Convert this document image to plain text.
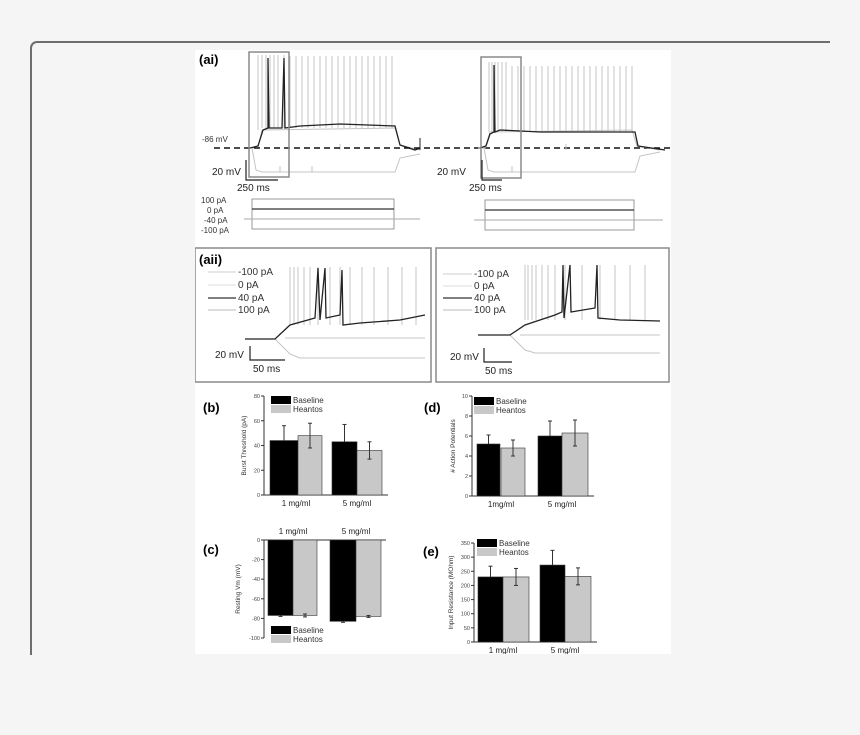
(ai)
-86 mV
20 mV
250 ms
100 pA
0 pA
-40 pA
-100 pA
20 mV
250 ms
(aii)
-100 pA
0 pA
40 pA
100 pA
20 mV
50 ms
-100 pA
0 pA
40 pA
100 pA
20 mV
50 ms
(b)
0
20
40
60
80
1 mg/ml	5 mg/ml
Burst Threshold (pA)
Baseline
Heantos	(d)
0
2
4
6
8
10
1mg/ml	5 mg/ml
# Action Potentials
Baseline
Heantos
(c)
0
-20
-40
-60
-80
-100
1 mg/ml	5 mg/ml
Resting Vm (mV)
Baseline
Heantos
(e)
0
50
100
150
200
250
300
350
1 mg/ml	5 mg/ml
Input Resistance (MOhm)
Baseline
Heantos
